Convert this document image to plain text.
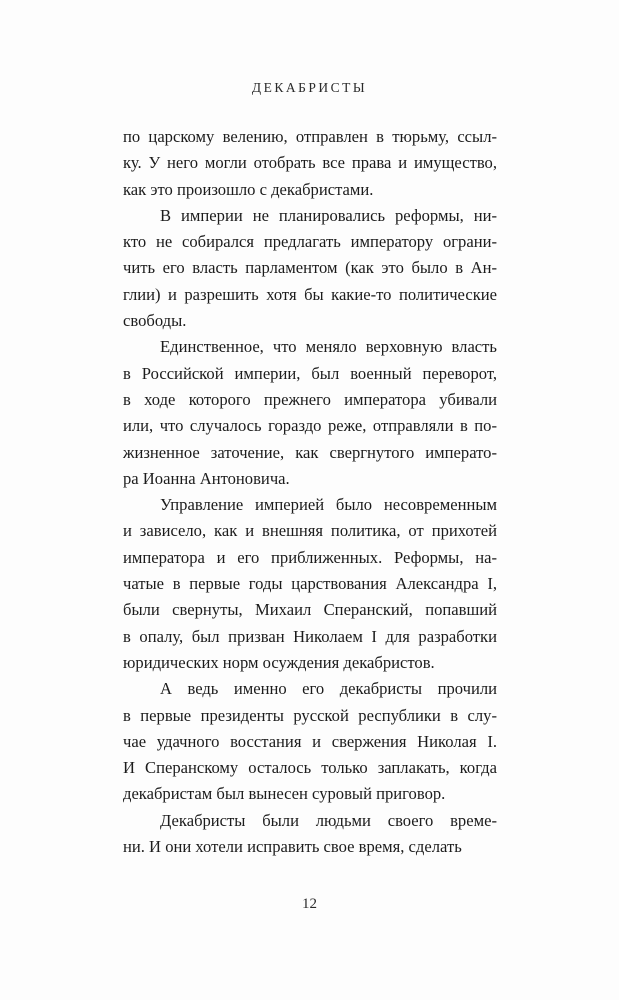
ДЕКАБРИСТЫ
по царскому велению, отправлен в тюрьму, ссыл-
ку. У него могли отобрать все права и имущество,
как это произошло с декабристами.
В империи не планировались реформы, ни-
кто не собирался предлагать императору ограни-
чить его власть парламентом (как это было в Ан-
глии) и разрешить хотя бы какие-то политические
свободы.
Единственное, что меняло верховную власть
в Российской империи, был военный переворот,
в ходе которого прежнего императора убивали
или, что случалось гораздо реже, отправляли в по-
жизненное заточение, как свергнутого императо-
ра Иоанна Антоновича.
Управление империей было несовременным
и зависело, как и внешняя политика, от прихотей
императора и его приближенных. Реформы, на-
чатые в первые годы царствования Александра I,
были свернуты, Михаил Сперанский, попавший
в опалу, был призван Николаем I для разработки
юридических норм осуждения декабристов.
А ведь именно его декабристы прочили
в первые президенты русской республики в слу-
чае удачного восстания и свержения Николая I.
И Сперанскому осталось только заплакать, когда
декабристам был вынесен суровый приговор.
Декабристы были людьми своего време-
ни. И они хотели исправить свое время, сделать
12
